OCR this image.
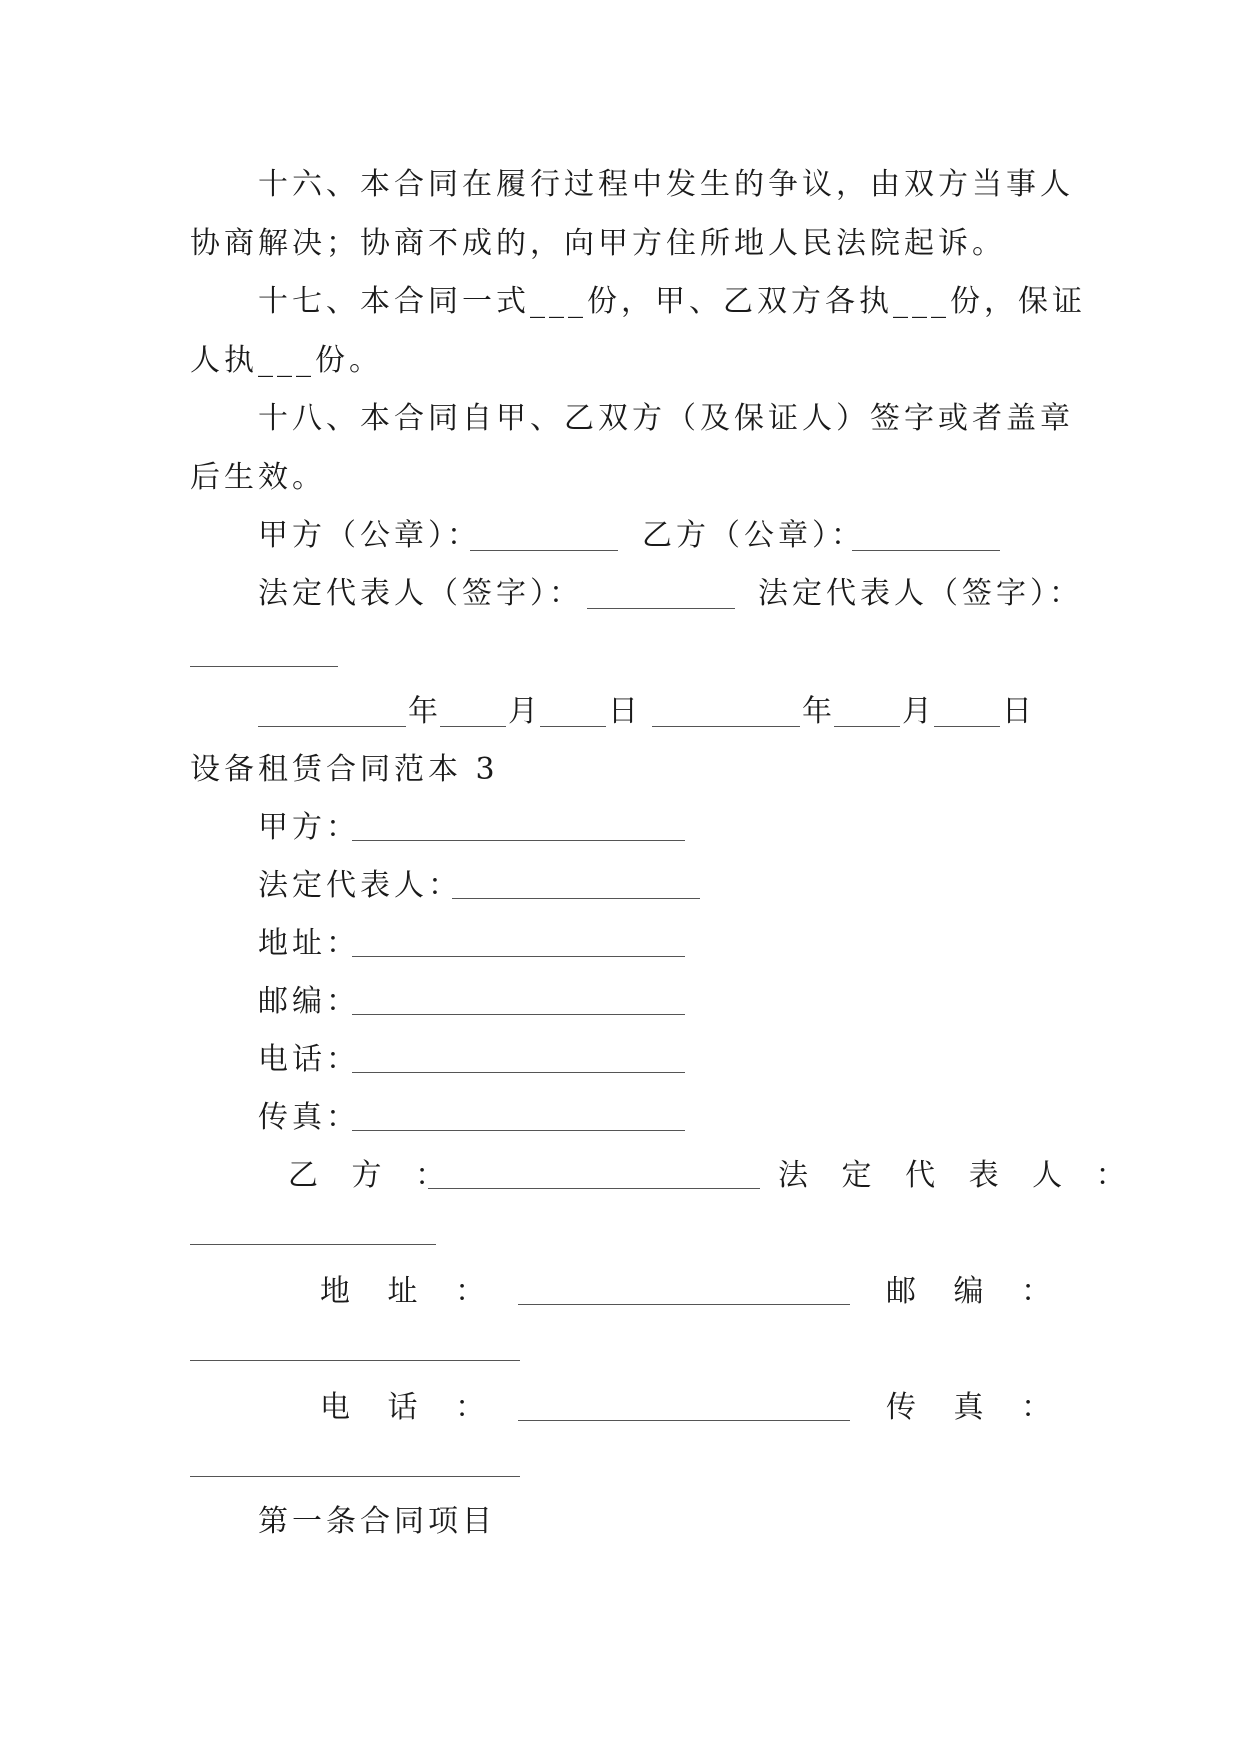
十六、本合同在履行过程中发生的争议，由双方当事人
协商解决；协商不成的，向甲方住所地人民法院起诉。
十七、本合同一式___份，甲、乙双方各执___份，保证
人执___份。
十八、本合同自甲、乙双方（及保证人）签字或者盖章
后生效。
甲方（公章）：	乙方（公章）：
法定代表人（签字）：	法定代表人（签字）：
年 月 日	年 月 日
设备租赁合同范本 3
甲方：
法定代表人：
地址：
邮编：
电话：
传真：
乙 方 ：	法 定 代 表 人 ：
地 址 ：	邮 编 ：
电 话 ：	传 真 ：
第一条合同项目
